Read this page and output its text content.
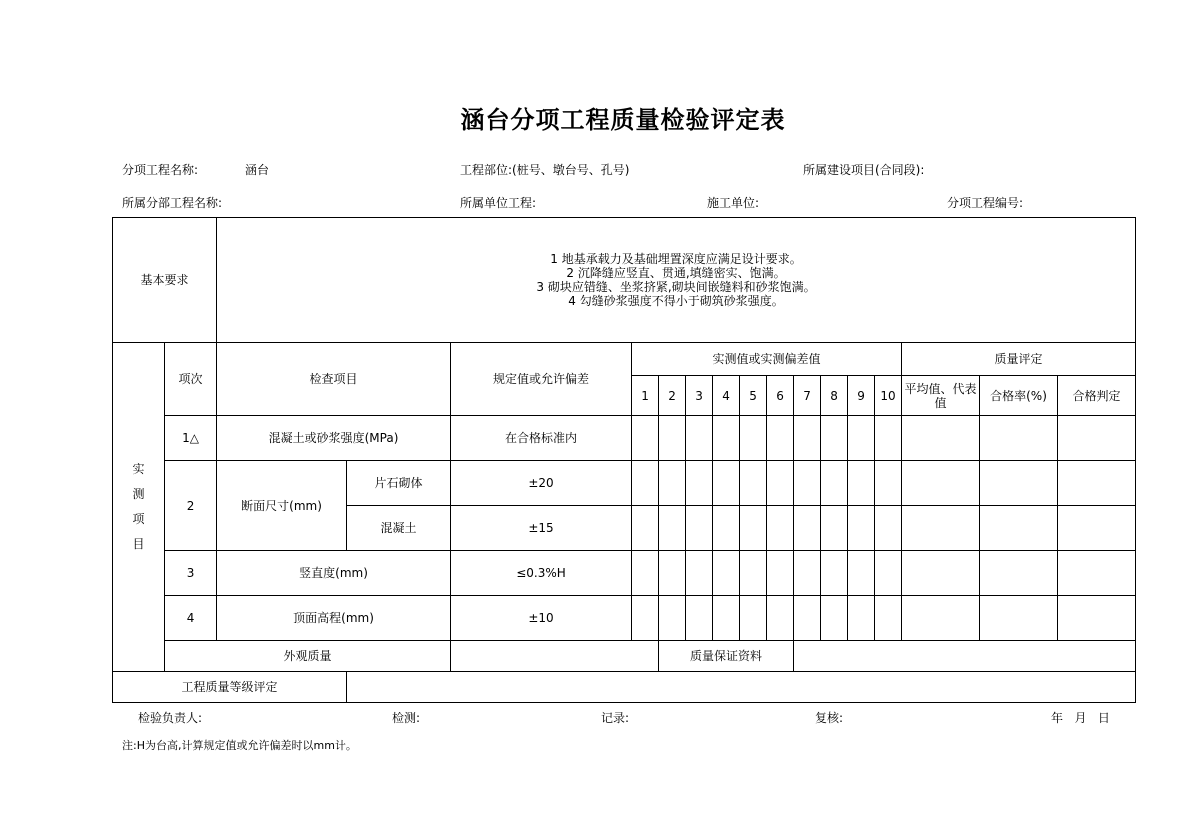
涵台分项工程质量检验评定表
分项工程名称:	涵台	工程部位:(桩号、墩台号、孔号)	所属建设项目(合同段):
所属分部工程名称:	所属单位工程:	施工单位:	分项工程编号:
基本要求		1 地基承载力及基础埋置深度应满足设计要求。
2 沉降缝应竖直、贯通,填缝密实、饱满。
3 砌块应错缝、坐浆挤紧,砌块间嵌缝料和砂浆饱满。
4 勾缝砂浆强度不得小于砌筑砂浆强度。															

实
测
项
目	项次	检查项目		规定值或允许偏差	实测值或实测偏差值										质量评定		
					1	2	3	4	5	6	7	8	9	10	平均值、代表值	合格率(%)	合格判定
	1△	混凝土或砂浆强度(MPa)		在合格标准内													
	2	断面尺寸(mm)	片石砌体	±20													
			混凝土	±15													
	3	竖直度(mm)		≤0.3%H													
	4	顶面高程(mm)		±10													
	外观质量					质量保证资料											
工程质量等级评定																	
检验负责人:	检测:	记录:	复核:	年   月   日
注:H为台高,计算规定值或允许偏差时以mm计。
